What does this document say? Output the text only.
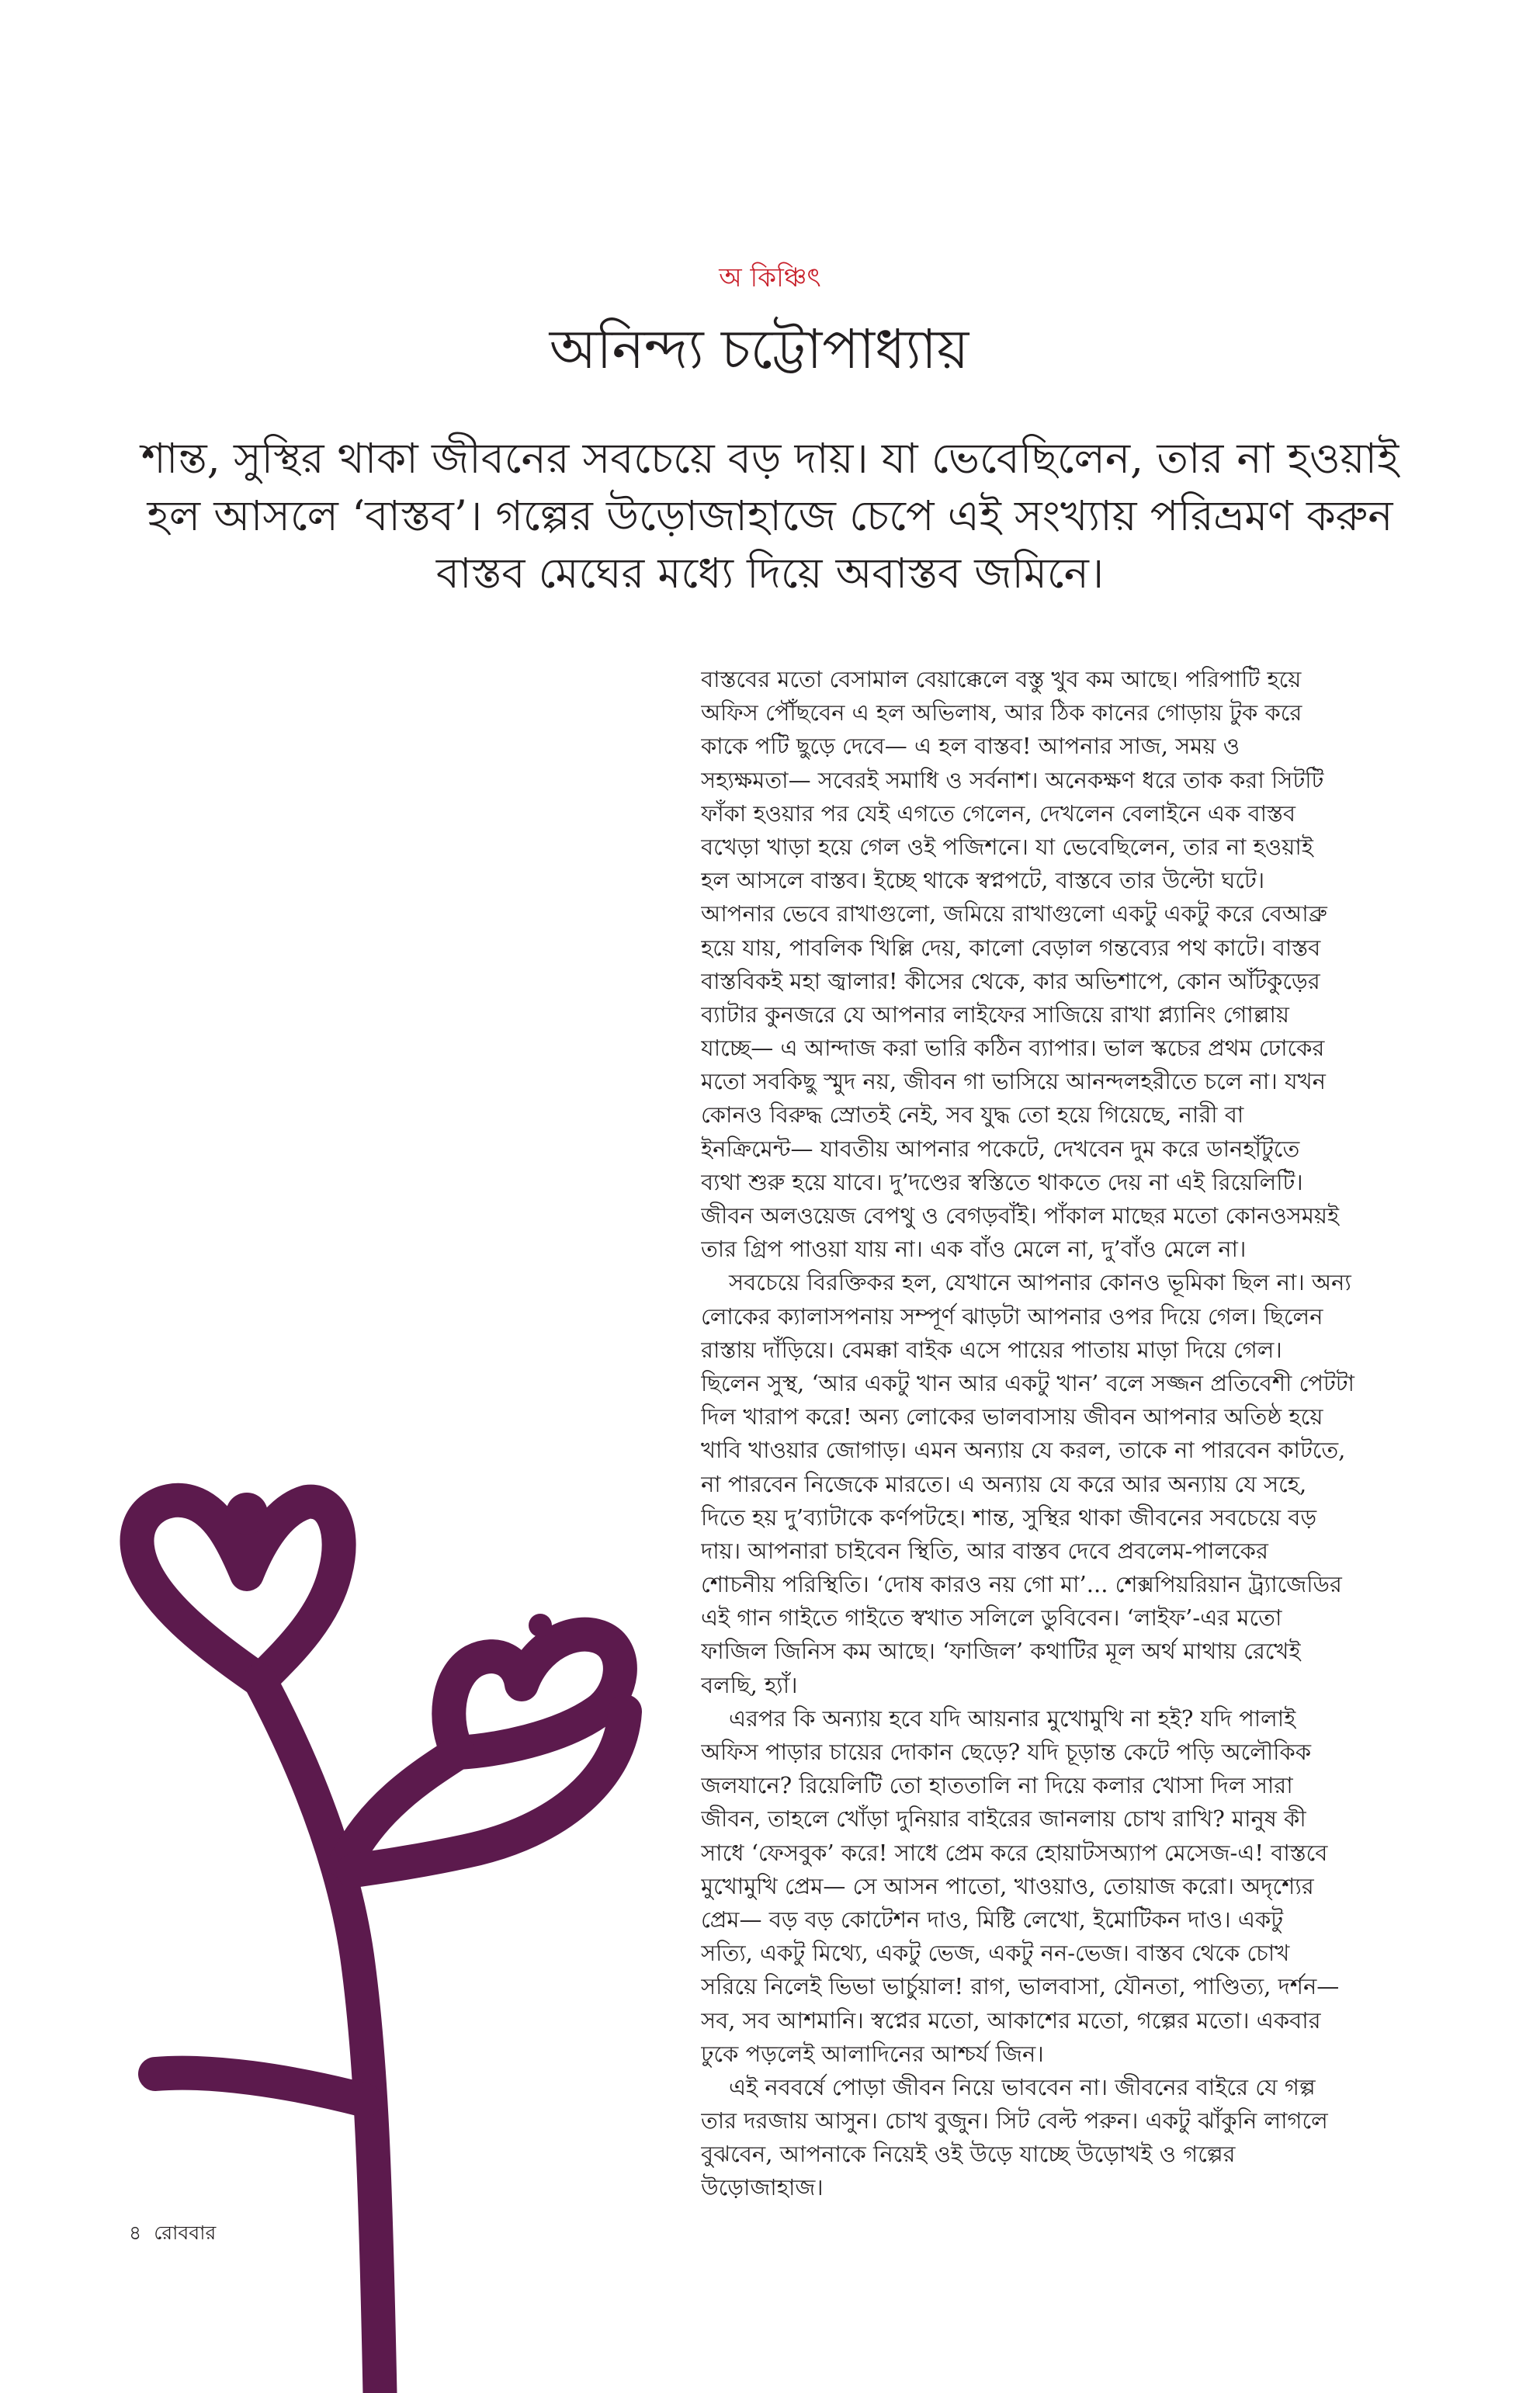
অ কিঞ্চিৎ
অনিন্দ্য চট্টোপাধ্যায়
শান্ত, সুস্থির থাকা জীবনের সবচেয়ে বড় দায়। যা ভেবেছিলেন, তার না হওয়াই
হল আসলে ‘বাস্তব’। গল্পের উড়োজাহাজে চেপে এই সংখ্যায় পরিভ্রমণ করুন
বাস্তব মেঘের মধ্যে দিয়ে অবাস্তব জমিনে।
বাস্তবের মতো বেসামাল বেয়াক্কেলে বস্তু খুব কম আছে। পরিপাটি হয়ে
অফিস পৌঁছবেন এ হল অভিলাষ, আর ঠিক কানের গোড়ায় টুক করে
কাকে পটি ছুড়ে দেবে— এ হল বাস্তব! আপনার সাজ, সময় ও
সহ্যক্ষমতা— সবেরই সমাধি ও সর্বনাশ। অনেকক্ষণ ধরে তাক করা সিটটি
ফাঁকা হওয়ার পর যেই এগতে গেলেন, দেখলেন বেলাইনে এক বাস্তব
বখেড়া খাড়া হয়ে গেল ওই পজিশনে। যা ভেবেছিলেন, তার না হওয়াই
হল আসলে বাস্তব। ইচ্ছে থাকে স্বপ্নপটে, বাস্তবে তার উল্টো ঘটে।
আপনার ভেবে রাখাগুলো, জমিয়ে রাখাগুলো একটু একটু করে বেআব্রু
হয়ে যায়, পাবলিক খিল্লি দেয়, কালো বেড়াল গন্তব্যের পথ কাটে। বাস্তব
বাস্তবিকই মহা জ্বালার! কীসের থেকে, কার অভিশাপে, কোন আঁটকুড়ের
ব্যাটার কুনজরে যে আপনার লাইফের সাজিয়ে রাখা প্ল্যানিং গোল্লায়
যাচ্ছে— এ আন্দাজ করা ভারি কঠিন ব্যাপার। ভাল স্কচের প্রথম ঢোকের
মতো সবকিছু স্মুদ নয়, জীবন গা ভাসিয়ে আনন্দলহরীতে চলে না। যখন
কোনও বিরুদ্ধ স্রোতই নেই, সব যুদ্ধ তো হয়ে গিয়েছে, নারী বা
ইনক্রিমেন্ট— যাবতীয় আপনার পকেটে, দেখবেন দুম করে ডানহাঁটুতে
ব্যথা শুরু হয়ে যাবে। দু’দণ্ডের স্বস্তিতে থাকতে দেয় না এই রিয়েলিটি।
জীবন অলওয়েজ বেপথু ও বেগড়বাঁই। পাঁকাল মাছের মতো কোনওসময়ই
তার গ্রিপ পাওয়া যায় না। এক বাঁও মেলে না, দু’বাঁও মেলে না।
সবচেয়ে বিরক্তিকর হল, যেখানে আপনার কোনও ভূমিকা ছিল না। অন্য
লোকের ক্যালাসপনায় সম্পূর্ণ ঝাড়টা আপনার ওপর দিয়ে গেল। ছিলেন
রাস্তায় দাঁড়িয়ে। বেমক্কা বাইক এসে পায়ের পাতায় মাড়া দিয়ে গেল।
ছিলেন সুস্থ, ‘আর একটু খান আর একটু খান’ বলে সজ্জন প্রতিবেশী পেটটা
দিল খারাপ করে! অন্য লোকের ভালবাসায় জীবন আপনার অতিষ্ঠ হয়ে
খাবি খাওয়ার জোগাড়। এমন অন্যায় যে করল, তাকে না পারবেন কাটতে,
না পারবেন নিজেকে মারতে। এ অন্যায় যে করে আর অন্যায় যে সহে,
দিতে হয় দু’ব্যাটাকে কর্ণপটহে। শান্ত, সুস্থির থাকা জীবনের সবচেয়ে বড়
দায়। আপনারা চাইবেন স্থিতি, আর বাস্তব দেবে প্রবলেম-পালকের
শোচনীয় পরিস্থিতি। ‘দোষ কারও নয় গো মা’... শেক্সপিয়রিয়ান ট্র্যাজেডির
এই গান গাইতে গাইতে স্বখাত সলিলে ডুবিবেন। ‘লাইফ’-এর মতো
ফাজিল জিনিস কম আছে। ‘ফাজিল’ কথাটির মূল অর্থ মাথায় রেখেই
বলছি, হ্যাঁ।
এরপর কি অন্যায় হবে যদি আয়নার মুখোমুখি না হই? যদি পালাই
অফিস পাড়ার চায়ের দোকান ছেড়ে? যদি চূড়ান্ত কেটে পড়ি অলৌকিক
জলযানে? রিয়েলিটি তো হাততালি না দিয়ে কলার খোসা দিল সারা
জীবন, তাহলে খোঁড়া দুনিয়ার বাইরের জানলায় চোখ রাখি? মানুষ কী
সাধে ‘ফেসবুক’ করে! সাধে প্রেম করে হোয়াটসঅ্যাপ মেসেজ-এ! বাস্তবে
মুখোমুখি প্রেম— সে আসন পাতো, খাওয়াও, তোয়াজ করো। অদৃশ্যের
প্রেম— বড় বড় কোটেশন দাও, মিষ্টি লেখো, ইমোটিকন দাও। একটু
সত্যি, একটু মিথ্যে, একটু ভেজ, একটু নন-ভেজ। বাস্তব থেকে চোখ
সরিয়ে নিলেই ভিভা ভার্চুয়াল! রাগ, ভালবাসা, যৌনতা, পাণ্ডিত্য, দর্শন—
সব, সব আশমানি। স্বপ্নের মতো, আকাশের মতো, গল্পের মতো। একবার
ঢুকে পড়লেই আলাদিনের আশ্চর্য জিন।
এই নববর্ষে পোড়া জীবন নিয়ে ভাববেন না। জীবনের বাইরে যে গল্প
তার দরজায় আসুন। চোখ বুজুন। সিট বেল্ট পরুন। একটু ঝাঁকুনি লাগলে
বুঝবেন, আপনাকে নিয়েই ওই উড়ে যাচ্ছে উড়োখই ও গল্পের
উড়োজাহাজ।
৪ রোববার
